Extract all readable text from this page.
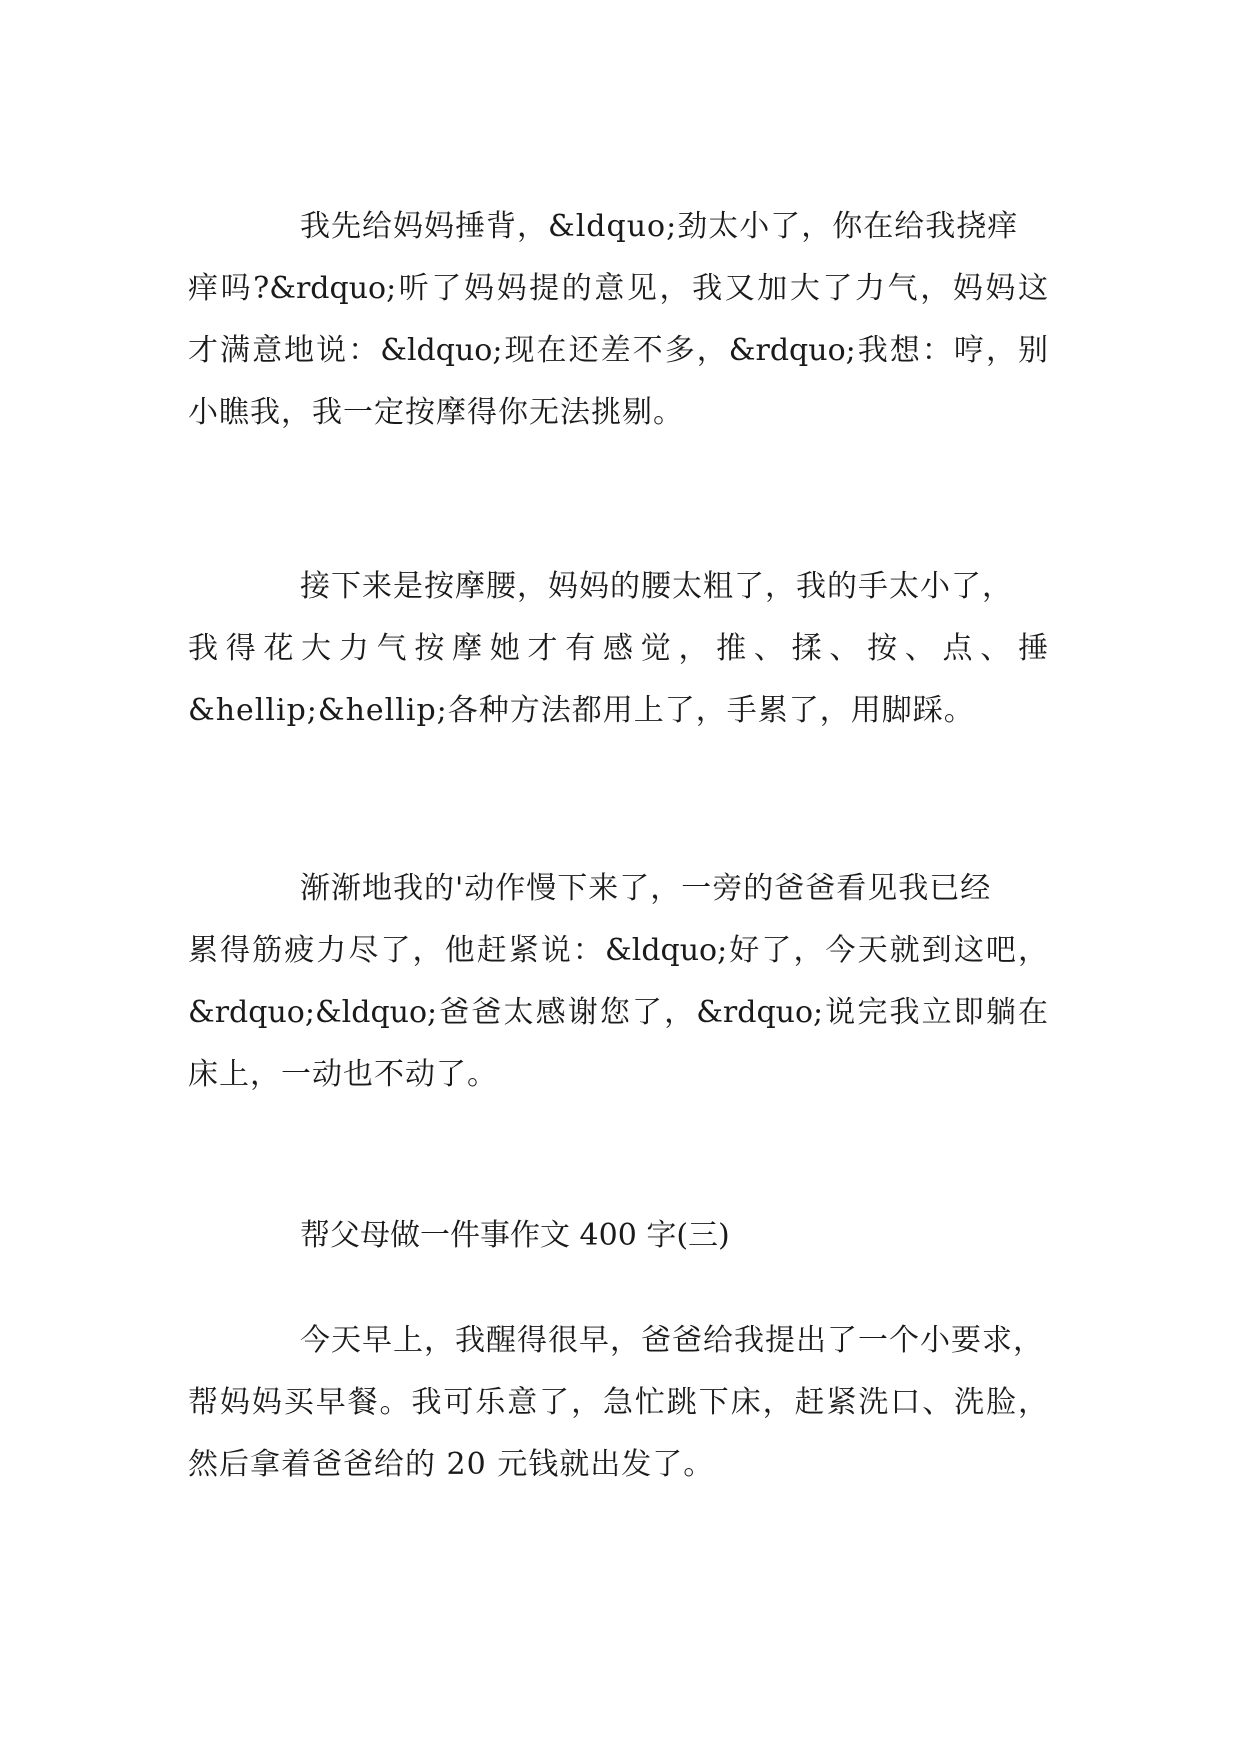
我先给妈妈捶背，&ldquo;劲太小了，你在给我挠痒
痒吗?&rdquo;听了妈妈提的意见，我又加大了力气，妈妈这
才满意地说：&ldquo;现在还差不多，&rdquo;我想：哼，别
小瞧我，我一定按摩得你无法挑剔。
接下来是按摩腰，妈妈的腰太粗了，我的手太小了，
我得花大力气按摩她才有感觉，推、揉、按、点、捶
&hellip;&hellip;各种方法都用上了，手累了，用脚踩。
渐渐地我的'动作慢下来了，一旁的爸爸看见我已经
累得筋疲力尽了，他赶紧说：&ldquo;好了，今天就到这吧，
&rdquo;&ldquo;爸爸太感谢您了，&rdquo;说完我立即躺在
床上，一动也不动了。
帮父母做一件事作文 400 字(三)
今天早上，我醒得很早，爸爸给我提出了一个小要求，
帮妈妈买早餐。我可乐意了，急忙跳下床，赶紧洗口、洗脸，
然后拿着爸爸给的 20 元钱就出发了。
